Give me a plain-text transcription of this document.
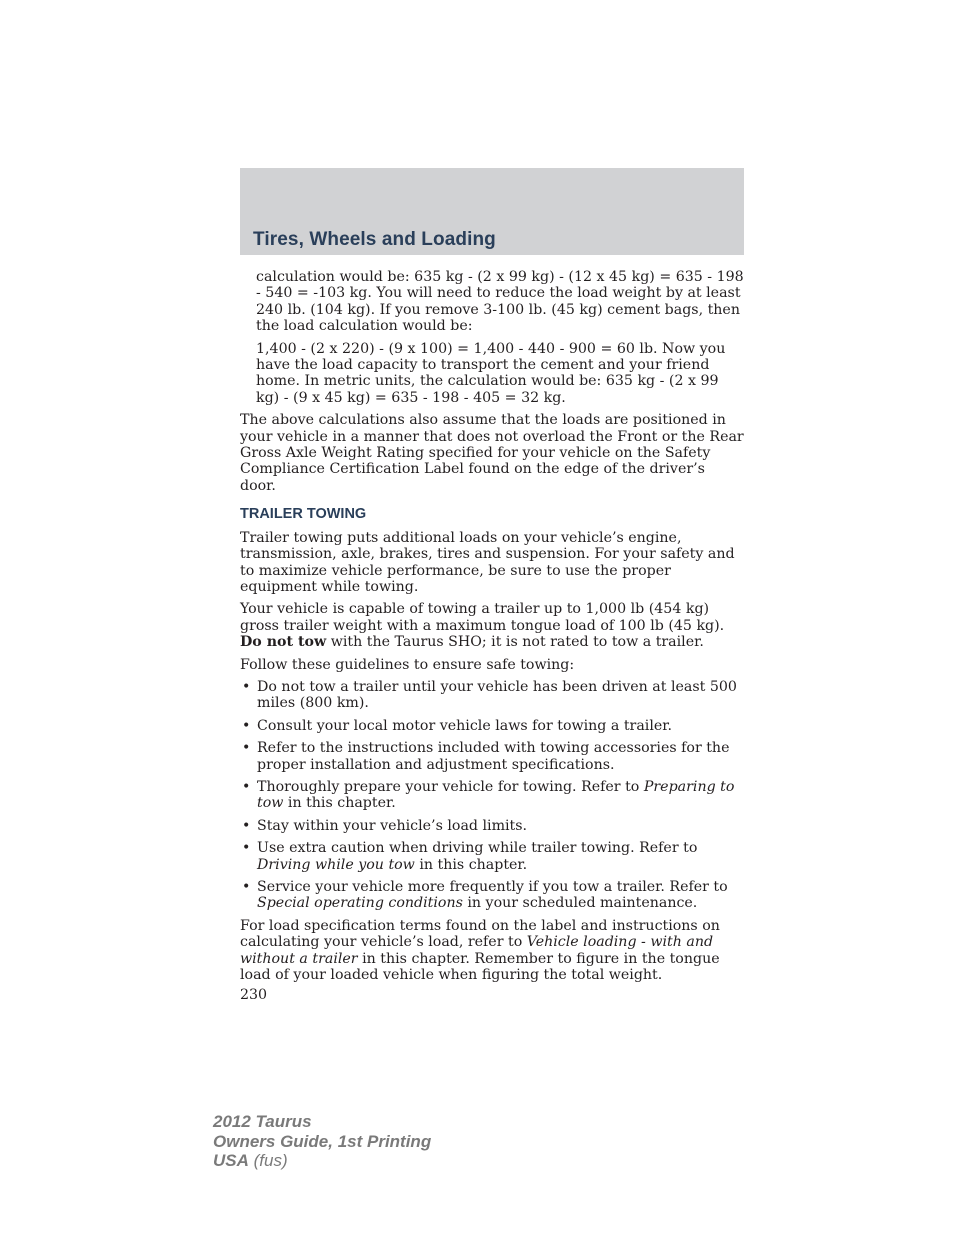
Tires, Wheels and Loading

calculation would be: 635 kg - (2 x 99 kg) - (12 x 45 kg) = 635 - 198 - 540 = -103 kg. You will need to reduce the load weight by at least 240 lb. (104 kg). If you remove 3-100 lb. (45 kg) cement bags, then the load calculation would be:

1,400 - (2 x 220) - (9 x 100) = 1,400 - 440 - 900 = 60 lb. Now you have the load capacity to transport the cement and your friend home. In metric units, the calculation would be: 635 kg - (2 x 99 kg) - (9 x 45 kg) = 635 - 198 - 405 = 32 kg.

The above calculations also assume that the loads are positioned in your vehicle in a manner that does not overload the Front or the Rear Gross Axle Weight Rating specified for your vehicle on the Safety Compliance Certification Label found on the edge of the driver’s door.

TRAILER TOWING

Trailer towing puts additional loads on your vehicle’s engine, transmission, axle, brakes, tires and suspension. For your safety and to maximize vehicle performance, be sure to use the proper equipment while towing.

Your vehicle is capable of towing a trailer up to 1,000 lb (454 kg) gross trailer weight with a maximum tongue load of 100 lb (45 kg). Do not tow with the Taurus SHO; it is not rated to tow a trailer.

Follow these guidelines to ensure safe towing:

• Do not tow a trailer until your vehicle has been driven at least 500 miles (800 km).
• Consult your local motor vehicle laws for towing a trailer.
• Refer to the instructions included with towing accessories for the proper installation and adjustment specifications.
• Thoroughly prepare your vehicle for towing. Refer to Preparing to tow in this chapter.
• Stay within your vehicle’s load limits.
• Use extra caution when driving while trailer towing. Refer to Driving while you tow in this chapter.
• Service your vehicle more frequently if you tow a trailer. Refer to Special operating conditions in your scheduled maintenance.

For load specification terms found on the label and instructions on calculating your vehicle’s load, refer to Vehicle loading - with and without a trailer in this chapter. Remember to figure in the tongue load of your loaded vehicle when figuring the total weight.

230
2012 Taurus
Owners Guide, 1st Printing
USA (fus)
